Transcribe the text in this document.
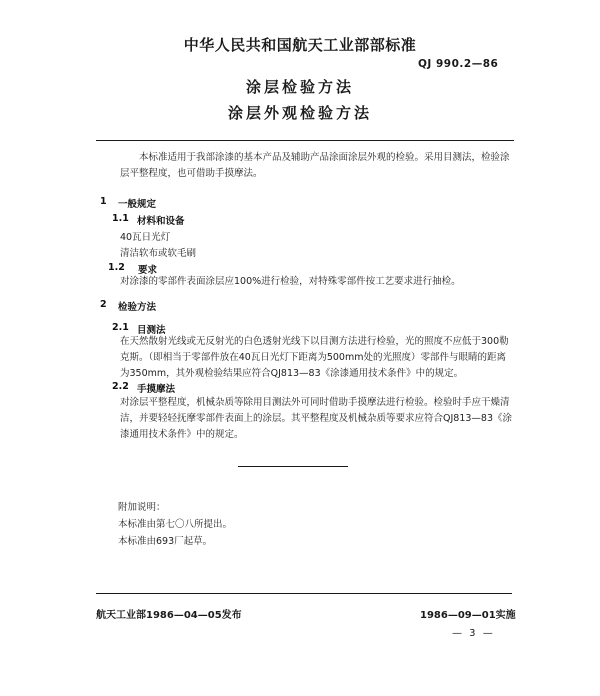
中华人民共和国航天工业部部标准
QJ 990.2—86
涂层检验方法
涂层外观检验方法
本标准适用于我部涂漆的基本产品及辅助产品涂面涂层外观的检验。采用目测法，检验涂层平整程度，也可借助手摸摩法。
1 一般规定
1.1 材料和设备
40瓦日光灯
清洁软布或软毛刷
1.2 要求
对涂漆的零部件表面涂层应100%进行检验，对特殊零部件按工艺要求进行抽检。
2 检验方法
2.1 目测法
在天然散射光线或无反射光的白色透射光线下以目测方法进行检验，光的照度不应低于300勒克斯。（即相当于零部件放在40瓦日光灯下距离为500mm处的光照度）零部件与眼睛的距离为350mm，其外观检验结果应符合QJ813—83《涂漆通用技术条件》中的规定。
2.2 手摸摩法
对涂层平整程度，机械杂质等除用目测法外可同时借助手摸摩法进行检验。检验时手应干燥清洁，并要轻轻抚摩零部件表面上的涂层。其平整程度及机械杂质等要求应符合QJ813—83《涂漆通用技术条件》中的规定。
附加说明：
本标准由第七〇八所提出。
本标准由693厂起草。
航天工业部1986—04—05发布	1986—09—01实施
— 3 —
